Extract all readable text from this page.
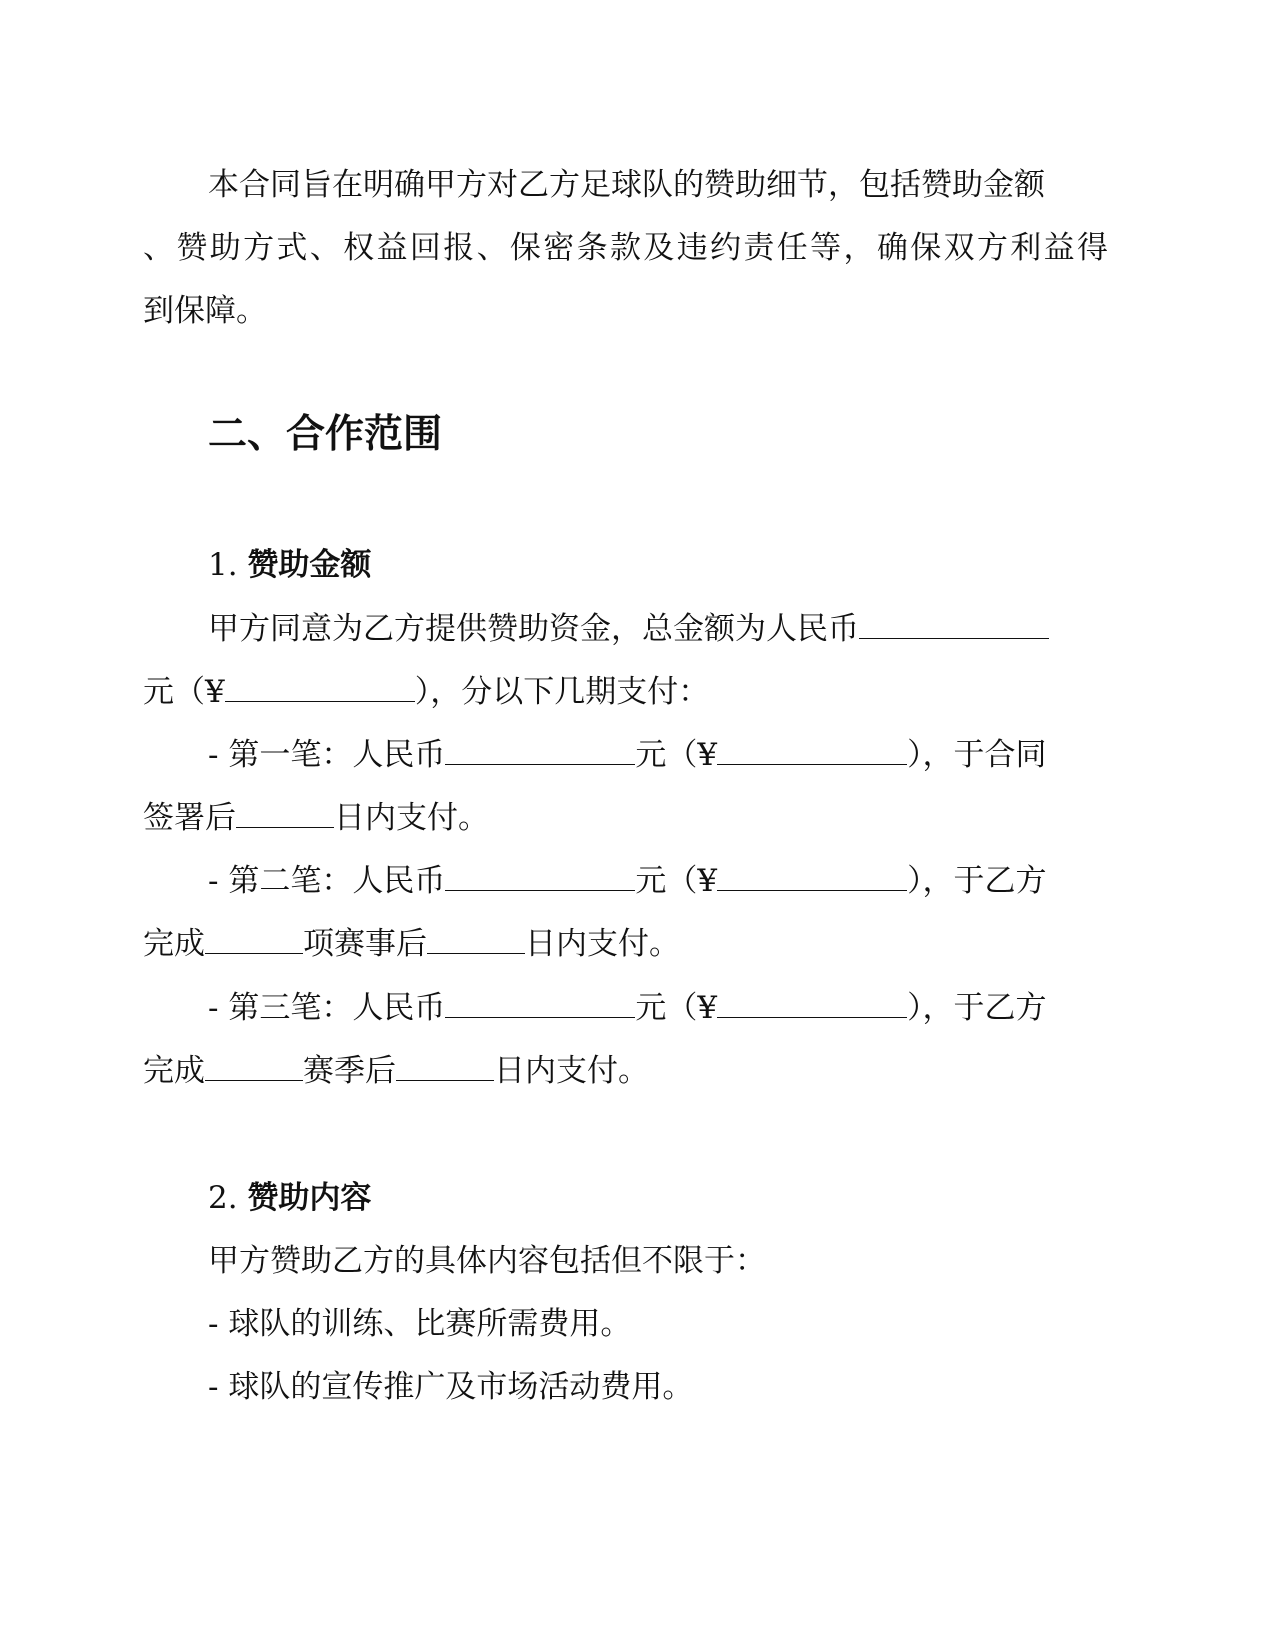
本合同旨在明确甲方对乙方足球队的赞助细节，包括赞助金额
、赞助方式、权益回报、保密条款及违约责任等，确保双方利益得
到保障。
二、合作范围
1. 赞助金额
甲方同意为乙方提供赞助资金，总金额为人民币
元（¥	），分以下几期支付：
- 第一笔：人民币	元（¥	），于合同
签署后	日内支付。
- 第二笔：人民币	元（¥	），于乙方
完成	项赛事后	日内支付。
- 第三笔：人民币	元（¥	），于乙方
完成	赛季后	日内支付。
2. 赞助内容
甲方赞助乙方的具体内容包括但不限于：
- 球队的训练、比赛所需费用。
- 球队的宣传推广及市场活动费用。
